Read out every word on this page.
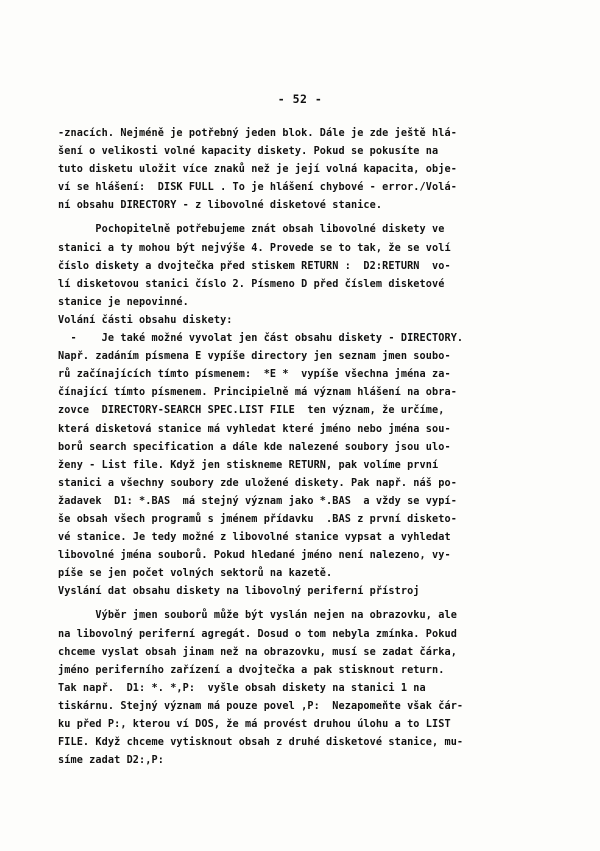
- 52 -
-znacích. Nejméně je potřebný jeden blok. Dále je zde ještě hlá-
šení o velikosti volné kapacity diskety. Pokud se pokusíte na
tuto disketu uložit více znaků než je její volná kapacita, obje-
ví se hlášení:  DISK FULL . To je hlášení chybové - error./Volá-
ní obsahu DIRECTORY - z libovolné disketové stanice.
Pochopitelně potřebujeme znát obsah libovolné diskety ve
stanici a ty mohou být nejvýše 4. Provede se to tak, že se volí
číslo diskety a dvojtečka před stiskem RETURN :  D2:RETURN  vo-
lí disketovou stanici číslo 2. Písmeno D před číslem disketové
stanice je nepovinné.
Volání části obsahu diskety:
-    Je také možné vyvolat jen část obsahu diskety - DIRECTORY.
Např. zadáním písmena E vypíše directory jen seznam jmen soubo-
rů začínajících tímto písmenem:  *E *  vypíše všechna jména za-
čínající tímto písmenem. Principielně má význam hlášení na obra-
zovce  DIRECTORY-SEARCH SPEC.LIST FILE  ten význam, že určíme,
která disketová stanice má vyhledat které jméno nebo jména sou-
borů search specification a dále kde nalezené soubory jsou ulo-
ženy - List file. Když jen stiskneme RETURN, pak volíme první
stanici a všechny soubory zde uložené diskety. Pak např. náš po-
žadavek  D1: *.BAS  má stejný význam jako *.BAS  a vždy se vypí-
še obsah všech programů s jménem přídavku  .BAS z první disketo-
vé stanice. Je tedy možné z libovolné stanice vypsat a vyhledat
libovolné jména souborů. Pokud hledané jméno není nalezeno, vy-
píše se jen počet volných sektorů na kazetě.
Vyslání dat obsahu diskety na libovolný periferní přístroj
Výběr jmen souborů může být vyslán nejen na obrazovku, ale
na libovolný periferní agregát. Dosud o tom nebyla zmínka. Pokud
chceme vyslat obsah jinam než na obrazovku, musí se zadat čárka,
jméno periferního zařízení a dvojtečka a pak stisknout return.
Tak např.  D1: *. *,P:  vyšle obsah diskety na stanici 1 na
tiskárnu. Stejný význam má pouze povel ,P:  Nezapomeňte však čár-
ku před P:, kterou ví DOS, že má provést druhou úlohu a to LIST
FILE. Když chceme vytisknout obsah z druhé disketové stanice, mu-
síme zadat D2:,P:
